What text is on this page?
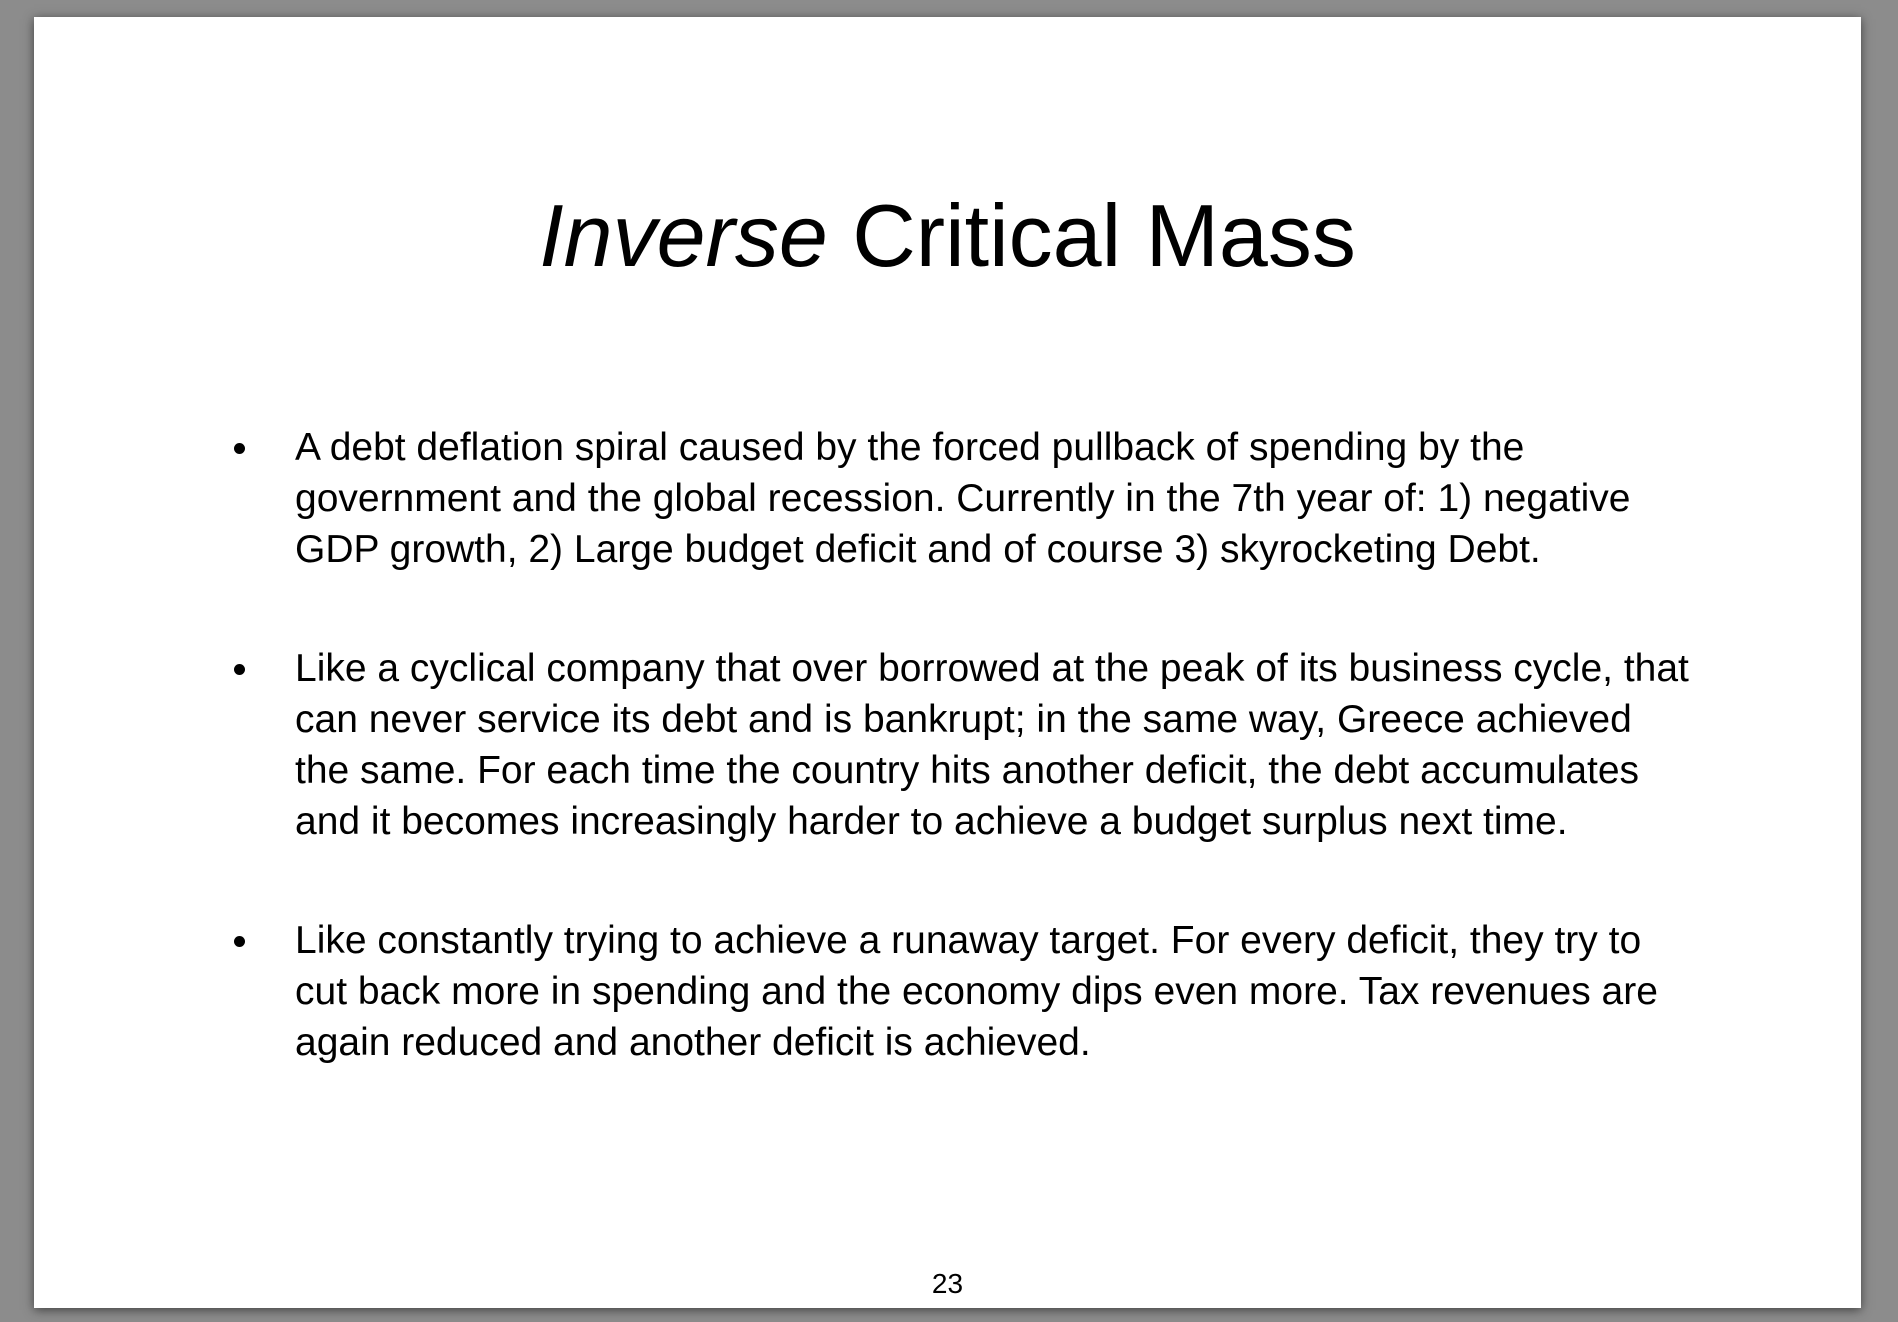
Inverse Critical Mass
A debt deflation spiral caused by the forced pullback of spending by the government and the global recession. Currently in the 7th year of: 1) negative GDP growth, 2) Large budget deficit and of course 3) skyrocketing Debt.
Like a cyclical company that over borrowed at the peak of its business cycle, that can never service its debt and is bankrupt; in the same way, Greece achieved the same. For each time the country hits another deficit, the debt accumulates and it becomes increasingly harder to achieve a budget surplus next time.
Like constantly trying to achieve a runaway target. For every deficit, they try to cut back more in spending and the economy dips even more. Tax revenues are again reduced and another deficit is achieved.
23
